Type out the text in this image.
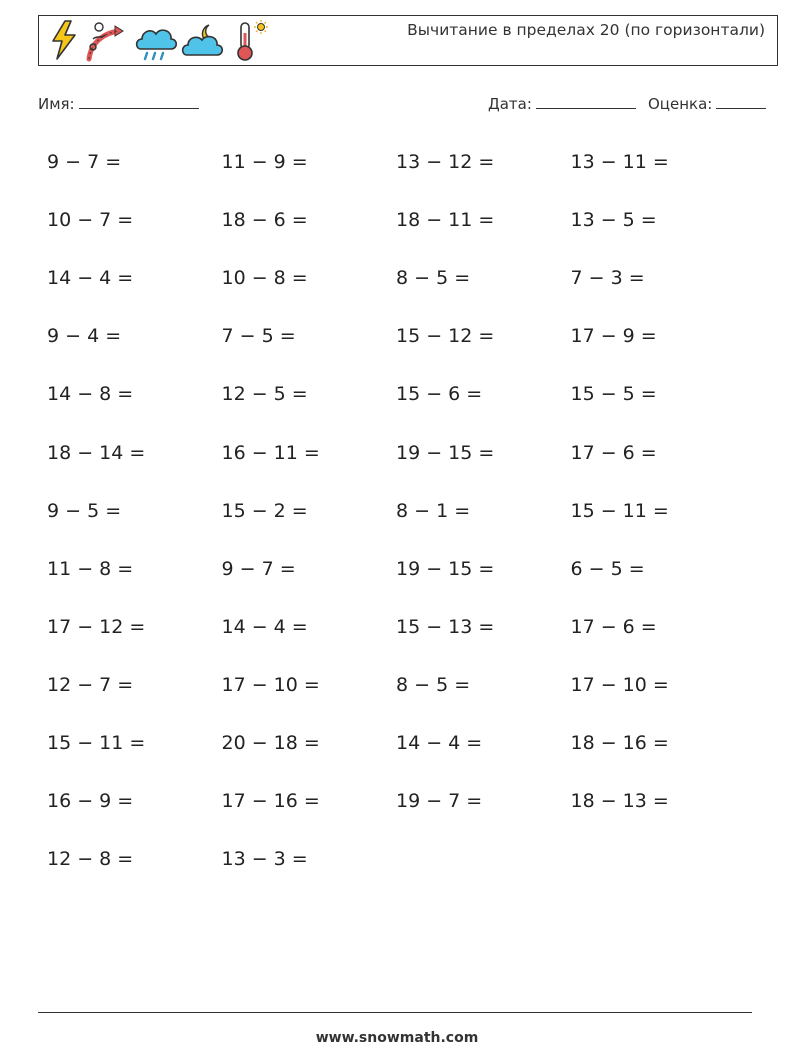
Вычитание в пределах 20 (по горизонтали)
Имя:	Дата:	Оценка:
9 − 7 =	11 − 9 =	13 − 12 =	13 − 11 =
10 − 7 =	18 − 6 =	18 − 11 =	13 − 5 =
14 − 4 =	10 − 8 =	8 − 5 =	7 − 3 =
9 − 4 =	7 − 5 =	15 − 12 =	17 − 9 =
14 − 8 =	12 − 5 =	15 − 6 =	15 − 5 =
18 − 14 =	16 − 11 =	19 − 15 =	17 − 6 =
9 − 5 =	15 − 2 =	8 − 1 =	15 − 11 =
11 − 8 =	9 − 7 =	19 − 15 =	6 − 5 =
17 − 12 =	14 − 4 =	15 − 13 =	17 − 6 =
12 − 7 =	17 − 10 =	8 − 5 =	17 − 10 =
15 − 11 =	20 − 18 =	14 − 4 =	18 − 16 =
16 − 9 =	17 − 16 =	19 − 7 =	18 − 13 =
12 − 8 =	13 − 3 =
www.snowmath.com
